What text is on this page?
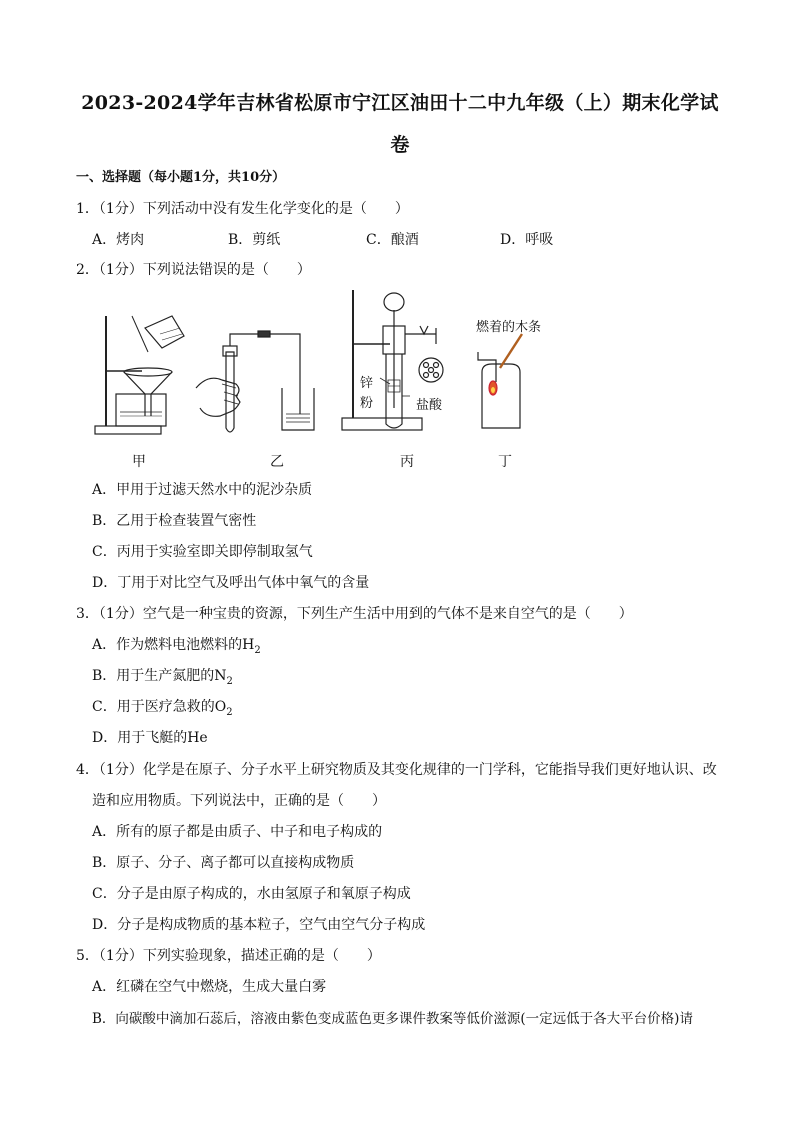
2023-2024学年吉林省松原市宁江区油田十二中九年级（上）期末化学试
卷
一、选择题（每小题1分，共10分）
1．（1分）下列活动中没有发生化学变化的是（　　）
A．烤肉	B．剪纸	C．酿酒	D．呼吸
2．（1分）下列说法错误的是（　　）
燃着的木条
锌
粉	盐酸
甲	乙	丙	丁
A．甲用于过滤天然水中的泥沙杂质
B．乙用于检查装置气密性
C．丙用于实验室即关即停制取氢气
D．丁用于对比空气及呼出气体中氧气的含量
3．（1分）空气是一种宝贵的资源，下列生产生活中用到的气体不是来自空气的是（　　）
A．作为燃料电池燃料的$H_2$
B．用于生产氮肥的$N_2$
C．用于医疗急救的$O_2$
D．用于飞艇的He
4．（1分）化学是在原子、分子水平上研究物质及其变化规律的一门学科，它能指导我们更好地认识、改
造和应用物质。下列说法中，正确的是（　　）
A．所有的原子都是由质子、中子和电子构成的
B．原子、分子、离子都可以直接构成物质
C．分子是由原子构成的，水由氢原子和氧原子构成
D．分子是构成物质的基本粒子，空气由空气分子构成
5．（1分）下列实验现象，描述正确的是（　　）
A．红磷在空气中燃烧，生成大量白雾
B．向碳酸中滴加石蕊后，溶液由紫色变成蓝色更多课件教案等低价滋源(一定远低于各大平台价格)请
